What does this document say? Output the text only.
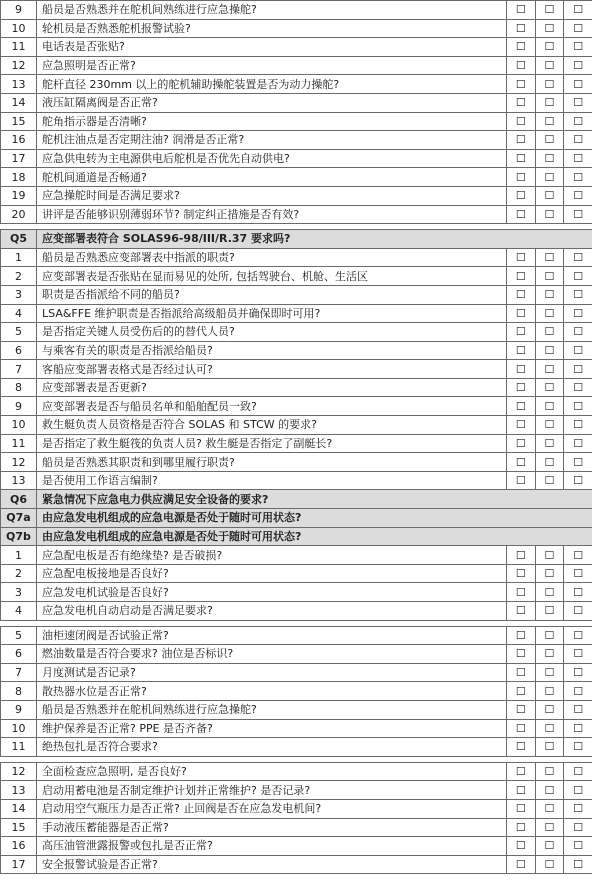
9	船员是否熟悉并在舵机间熟练进行应急操舵?	☐	☐	☐
10	轮机员是否熟悉舵机报警试验?	☐	☐	☐
11	电话表是否张贴?	☐	☐	☐
12	应急照明是否正常?	☐	☐	☐
13	舵杆直径 230mm 以上的舵机辅助操舵装置是否为动力操舵?	☐	☐	☐
14	液压缸隔离阀是否正常?	☐	☐	☐
15	舵角指示器是否清晰?	☐	☐	☐
16	舵机注油点是否定期注油? 润滑是否正常?	☐	☐	☐
17	应急供电转为主电源供电后舵机是否优先自动供电?	☐	☐	☐
18	舵机间通道是否畅通?	☐	☐	☐
19	应急操舵时间是否满足要求?	☐	☐	☐
20	讲评是否能够识别薄弱环节? 制定纠正措施是否有效?	☐	☐	☐

Q5	应变部署表符合 SOLAS96-98/III/R.37 要求吗?			
1	船员是否熟悉应变部署表中指派的职责?	☐	☐	☐
2	应变部署表是否张贴在显而易见的处所, 包括驾驶台、机舱、生活区	☐	☐	☐
3	职责是否指派给不同的船员?	☐	☐	☐
4	LSA&FFE 维护职责是否指派给高级船员并确保即时可用?	☐	☐	☐
5	是否指定关键人员受伤后的的替代人员?	☐	☐	☐
6	与乘客有关的职责是否指派给船员?	☐	☐	☐
7	客船应变部署表格式是否经过认可?	☐	☐	☐
8	应变部署表是否更新?	☐	☐	☐
9	应变部署表是否与船员名单和船舶配员一致?	☐	☐	☐
10	救生艇负责人员资格是否符合 SOLAS 和 STCW 的要求?	☐	☐	☐
11	是否指定了救生艇筏的负责人员? 救生艇是否指定了副艇长?	☐	☐	☐
12	船员是否熟悉其职责和到哪里履行职责?	☐	☐	☐
13	是否使用工作语言编制?	☐	☐	☐
Q6	紧急情况下应急电力供应满足安全设备的要求?			
Q7a	由应急发电机组成的应急电源是否处于随时可用状态?			
Q7b	由应急发电机组成的应急电源是否处于随时可用状态?			
1	应急配电板是否有绝缘垫? 是否破损?	☐	☐	☐
2	应急配电板接地是否良好?	☐	☐	☐
3	应急发电机试验是否良好?	☐	☐	☐
4	应急发电机自动启动是否满足要求?	☐	☐	☐

5	油柜速闭阀是否试验正常?	☐	☐	☐
6	燃油数量是否符合要求? 油位是否标识?	☐	☐	☐
7	月度测试是否记录?	☐	☐	☐
8	散热器水位是否正常?	☐	☐	☐
9	船员是否熟悉并在舵机间熟练进行应急操舵?	☐	☐	☐
10	维护保养是否正常? PPE 是否齐备?	☐	☐	☐
11	绝热包扎是否符合要求?	☐	☐	☐

12	全面检查应急照明, 是否良好?	☐	☐	☐
13	启动用蓄电池是否制定维护计划并正常维护? 是否记录?	☐	☐	☐
14	启动用空气瓶压力是否正常? 止回阀是否在应急发电机间?	☐	☐	☐
15	手动液压蓄能器是否正常?	☐	☐	☐
16	高压油管泄露报警或包扎是否正常?	☐	☐	☐
17	安全报警试验是否正常?	☐	☐	☐
